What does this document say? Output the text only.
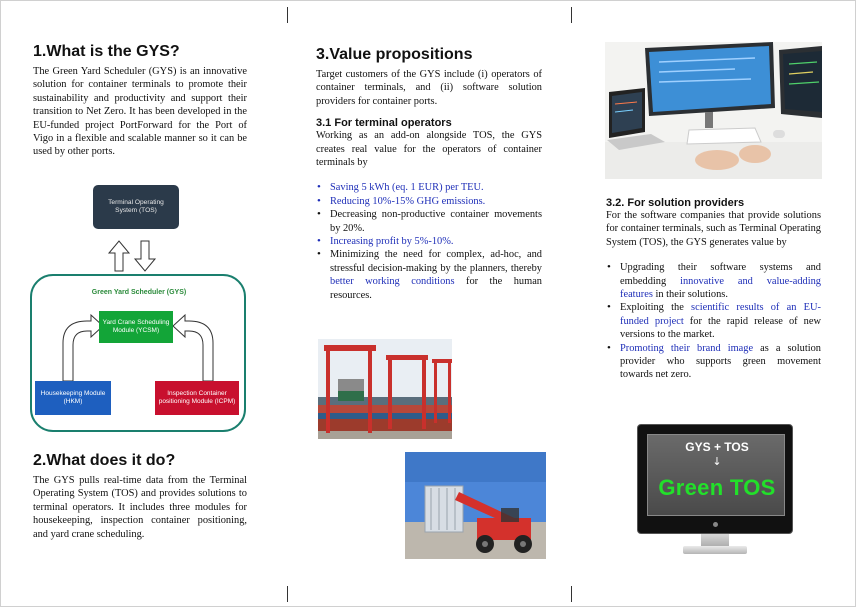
1.What is the GYS?

The Green Yard Scheduler (GYS) is an innovative solution for container terminals to promote their sustainability and productivity and support their transition to Net Zero. It has been developed in the EU-funded project PortForward for the Port of Vigo in a flexible and scalable manner so it can be used by other ports.

Terminal Operating System (TOS)
Green Yard Scheduler (GYS)
Yard Crane Scheduling Module (YCSM)
Housekeeping Module (HKM)
Inspection Container positioning Module (ICPM)
2.What does it do?

The GYS pulls real-time data from the Terminal Operating System (TOS) and provides solutions to terminal operators. It includes three modules for housekeeping, inspection container positioning, and yard crane scheduling.

3.Value propositions

Target customers of the GYS include (i) operators of container terminals, and (ii) software solution providers for container ports.

3.1 For terminal operators

Working as an add-on alongside TOS, the GYS creates real value for the operators of container terminals by

• Saving 5 kWh (eq. 1 EUR) per TEU.
• Reducing 10%-15% GHG emissions.
• Decreasing non-productive container movements by 20%.
• Increasing profit by 5%-10%.
• Minimizing the need for complex, ad-hoc, and stressful decision-making by the planners, thereby better working conditions for the human resources.
3.2. For solution providers

For the software companies that provide solutions for container terminals, such as Terminal Operating System (TOS), the GYS generates value by

• Upgrading their software systems and embedding innovative and value-adding features in their solutions.
• Exploiting the scientific results of an EU-funded project for the rapid release of new versions to the market.
• Promoting their brand image as a solution provider who supports green movement towards net zero.
GYS + TOS
↓
Green TOS
